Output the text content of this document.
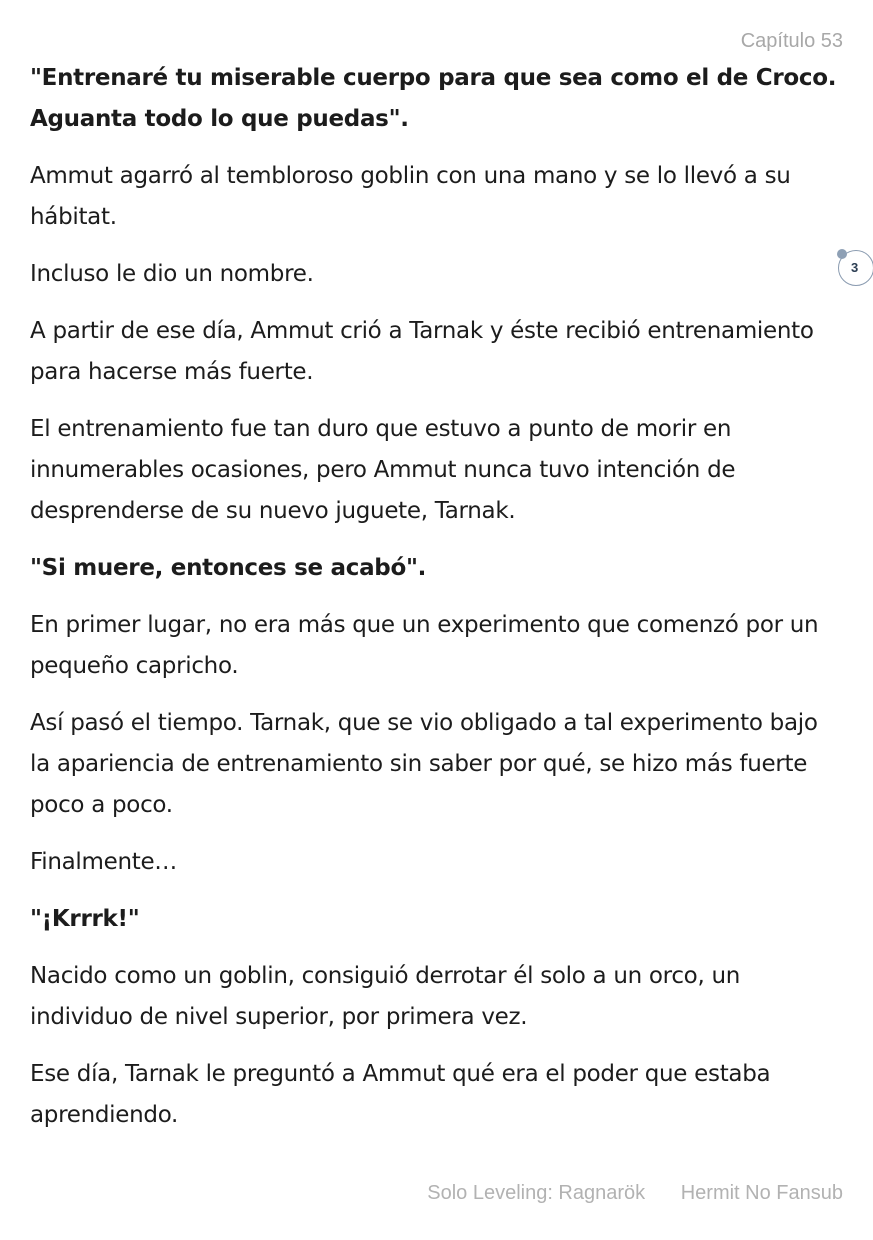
Capítulo 53

"Entrenaré tu miserable cuerpo para que sea como el de Croco. Aguanta todo lo que puedas".

Ammut agarró al tembloroso goblin con una mano y se lo llevó a su hábitat.

Incluso le dio un nombre.

A partir de ese día, Ammut crió a Tarnak y éste recibió entrenamiento para hacerse más fuerte.

El entrenamiento fue tan duro que estuvo a punto de morir en innumerables ocasiones, pero Ammut nunca tuvo intención de desprenderse de su nuevo juguete, Tarnak.

"Si muere, entonces se acabó".

En primer lugar, no era más que un experimento que comenzó por un pequeño capricho.

Así pasó el tiempo. Tarnak, que se vio obligado a tal experimento bajo la apariencia de entrenamiento sin saber por qué, se hizo más fuerte poco a poco.

Finalmente…

"¡Krrrk!"

Nacido como un goblin, consiguió derrotar él solo a un orco, un individuo de nivel superior, por primera vez.

Ese día, Tarnak le preguntó a Ammut qué era el poder que estaba aprendiendo.

3
Solo Leveling: Ragnarök Hermit No Fansub
